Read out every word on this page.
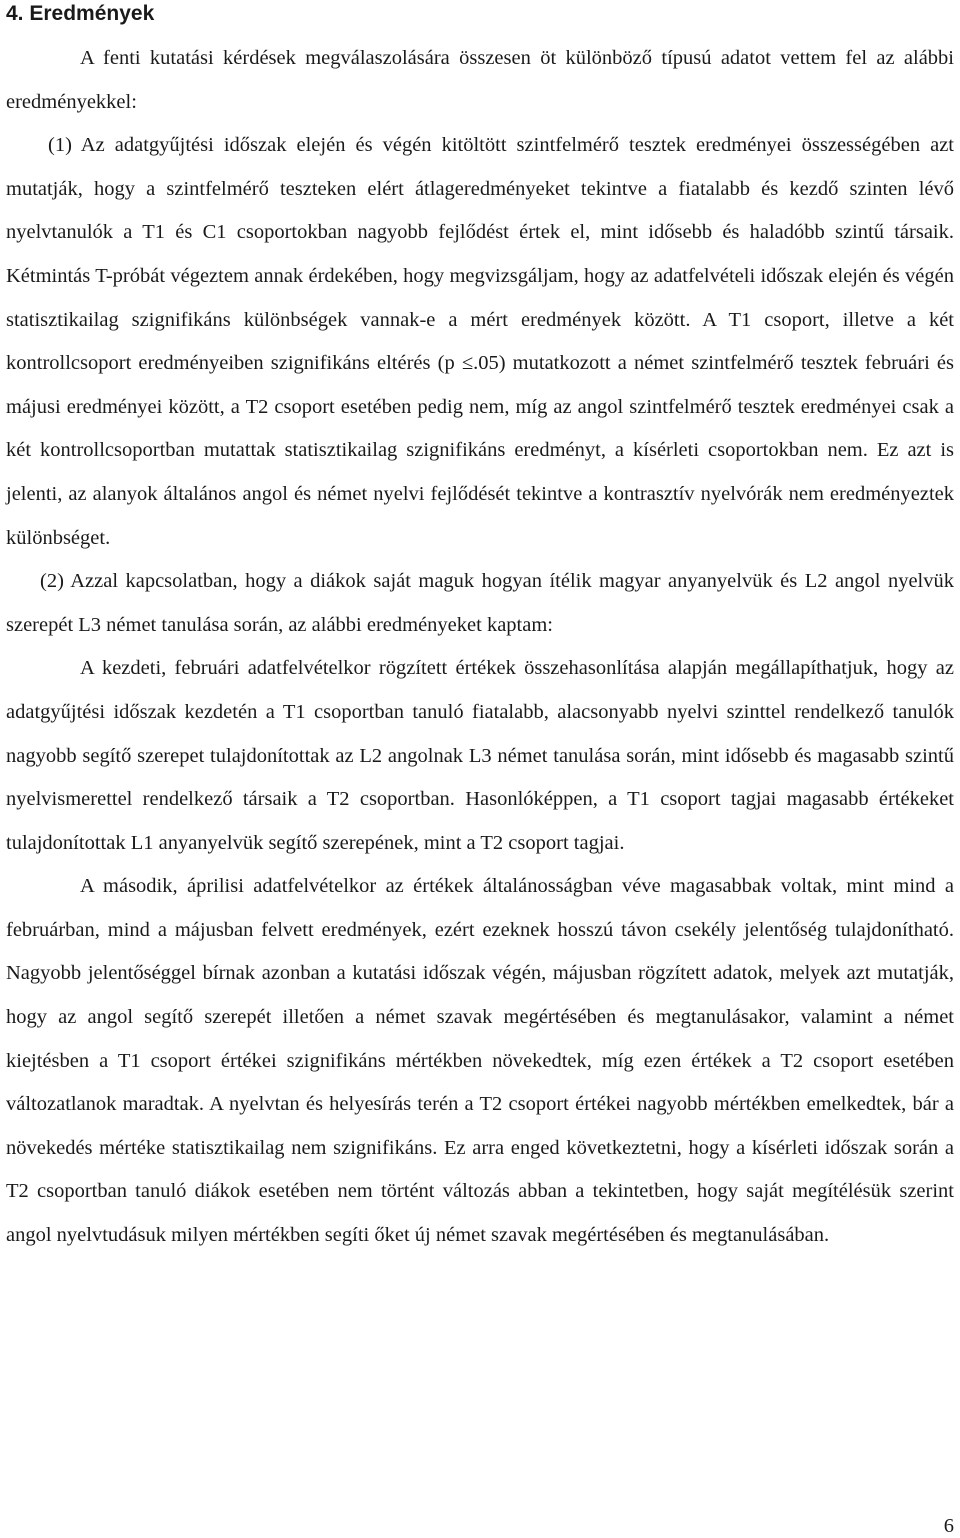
4. Eredmények

A fenti kutatási kérdések megválaszolására összesen öt különböző típusú adatot vettem fel az alábbi eredményekkel:

(1) Az adatgyűjtési időszak elején és végén kitöltött szintfelmérő tesztek eredményei összességében azt mutatják, hogy a szintfelmérő teszteken elért átlageredményeket tekintve a fiatalabb és kezdő szinten lévő nyelvtanulók a T1 és C1 csoportokban nagyobb fejlődést értek el, mint idősebb és haladóbb szintű társaik. Kétmintás T-próbát végeztem annak érdekében, hogy megvizsgáljam, hogy az adatfelvételi időszak elején és végén statisztikailag szignifikáns különbségek vannak-e a mért eredmények között. A T1 csoport, illetve a két kontrollcsoport eredményeiben szignifikáns eltérés (p ≤.05) mutatkozott a német szintfelmérő tesztek februári és májusi eredményei között, a T2 csoport esetében pedig nem, míg az angol szintfelmérő tesztek eredményei csak a két kontrollcsoportban mutattak statisztikailag szignifikáns eredményt, a kísérleti csoportokban nem. Ez azt is jelenti, az alanyok általános angol és német nyelvi fejlődését tekintve a kontrasztív nyelvórák nem eredményeztek különbséget.

(2) Azzal kapcsolatban, hogy a diákok saját maguk hogyan ítélik magyar anyanyelvük és L2 angol nyelvük szerepét L3 német tanulása során, az alábbi eredményeket kaptam:

A kezdeti, februári adatfelvételkor rögzített értékek összehasonlítása alapján megállapíthatjuk, hogy az adatgyűjtési időszak kezdetén a T1 csoportban tanuló fiatalabb, alacsonyabb nyelvi szinttel rendelkező tanulók nagyobb segítő szerepet tulajdonítottak az L2 angolnak L3 német tanulása során, mint idősebb és magasabb szintű nyelvismerettel rendelkező társaik a T2 csoportban. Hasonlóképpen, a T1 csoport tagjai magasabb értékeket tulajdonítottak L1 anyanyelvük segítő szerepének, mint a T2 csoport tagjai.

A második, áprilisi adatfelvételkor az értékek általánosságban véve magasabbak voltak, mint mind a februárban, mind a májusban felvett eredmények, ezért ezeknek hosszú távon csekély jelentőség tulajdonítható. Nagyobb jelentőséggel bírnak azonban a kutatási időszak végén, májusban rögzített adatok, melyek azt mutatják, hogy az angol segítő szerepét illetően a német szavak megértésében és megtanulásakor, valamint a német kiejtésben a T1 csoport értékei szignifikáns mértékben növekedtek, míg ezen értékek a T2 csoport esetében változatlanok maradtak. A nyelvtan és helyesírás terén a T2 csoport értékei nagyobb mértékben emelkedtek, bár a növekedés mértéke statisztikailag nem szignifikáns. Ez arra enged következtetni, hogy a kísérleti időszak során a T2 csoportban tanuló diákok esetében nem történt változás abban a tekintetben, hogy saját megítélésük szerint angol nyelvtudásuk milyen mértékben segíti őket új német szavak megértésében és megtanulásában.

6
